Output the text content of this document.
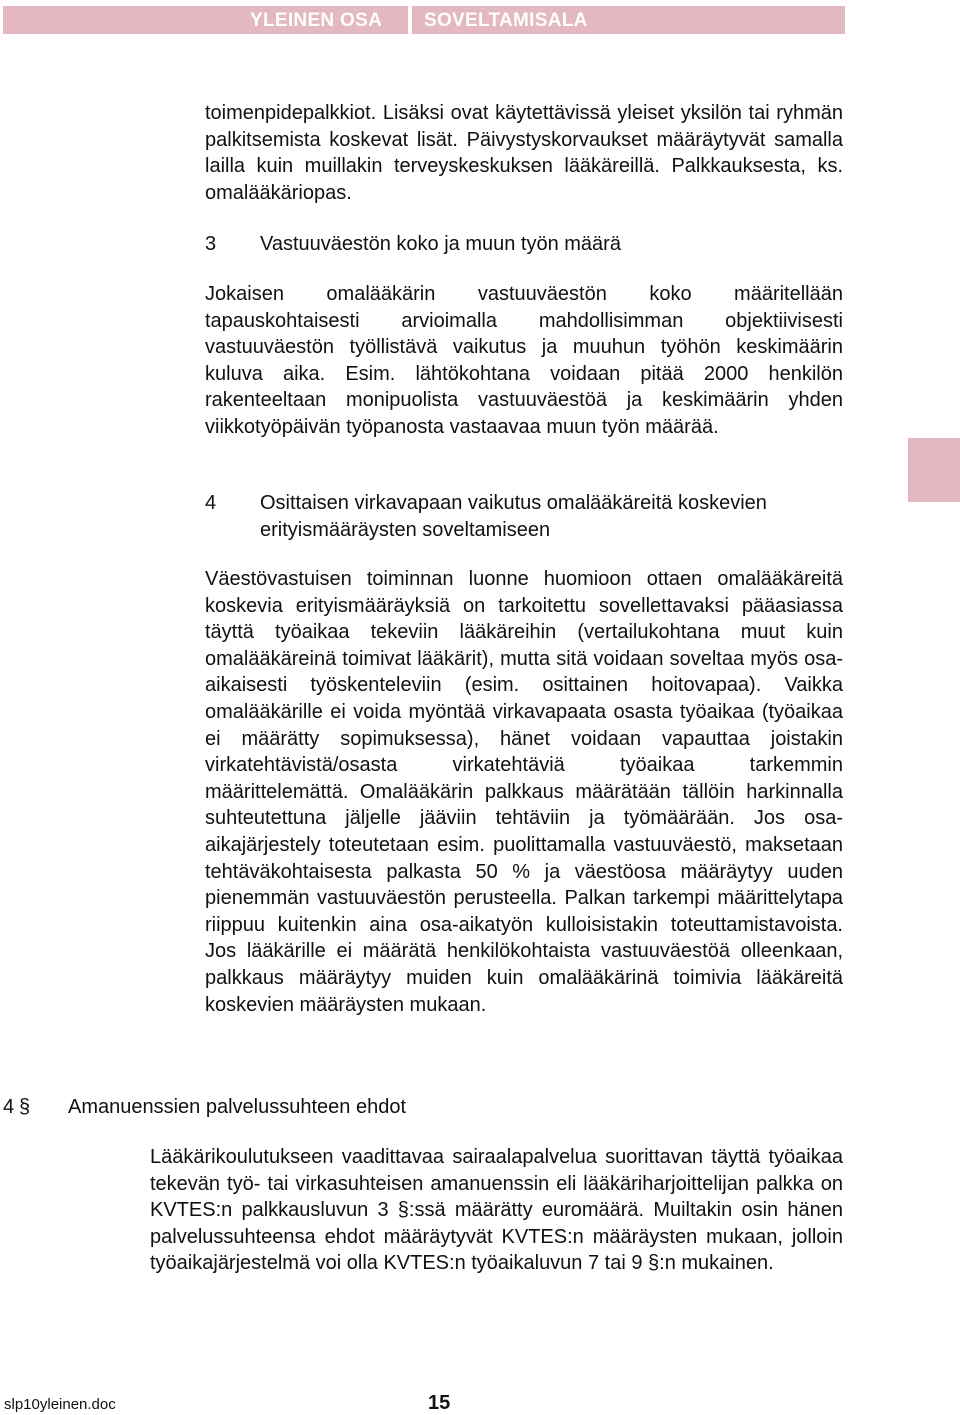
YLEINEN OSA SOVELTAMISALA
toimenpidepalkkiot. Lisäksi ovat käytettävissä yleiset yksilön tai ryhmän palkitsemista koskevat lisät. Päivystyskorvaukset määräytyvät samalla lailla kuin muillakin terveyskeskuksen lääkäreillä. Palkkauksesta, ks. omalääkäriopas.
3 Vastuuväestön koko ja muun työn määrä
Jokaisen omalääkärin vastuuväestön koko määritellään tapauskohtaisesti arvioimalla mahdollisimman objektiivisesti vastuuväestön työllistävä vaikutus ja muuhun työhön keskimäärin kuluva aika. Esim. lähtökohtana voidaan pitää 2000 henkilön rakenteeltaan monipuolista vastuuväestöä ja keskimäärin yhden viikkotyöpäivän työpanosta vastaavaa muun työn määrää.
4 Osittaisen virkavapaan vaikutus omalääkäreitä koskevien erityismääräysten soveltamiseen
Väestövastuisen toiminnan luonne huomioon ottaen omalääkäreitä koskevia erityismääräyksiä on tarkoitettu sovellettavaksi pääasiassa täyttä työaikaa tekeviin lääkäreihin (vertailukohtana muut kuin omalääkäreinä toimivat lääkärit), mutta sitä voidaan soveltaa myös osa-aikaisesti työskenteleviin (esim. osittainen hoitovapaa). Vaikka omalääkärille ei voida myöntää virkavapaata osasta työaikaa (työaikaa ei määrätty sopimuksessa), hänet voidaan vapauttaa joistakin virkatehtävistä/osasta virkatehtäviä työaikaa tarkemmin määrittelemättä. Omalääkärin palkkaus määrätään tällöin harkinnalla suhteutettuna jäljelle jääviin tehtäviin ja työmäärään. Jos osa-aikajärjestely toteutetaan esim. puolittamalla vastuuväestö, maksetaan tehtäväkohtaisesta palkasta 50 % ja väestöosa määräytyy uuden pienemmän vastuuväestön perusteella. Palkan tarkempi määrittelytapa riippuu kuitenkin aina osa-aikatyön kulloisistakin toteuttamistavoista. Jos lääkärille ei määrätä henkilökohtaista vastuuväestöä olleenkaan, palkkaus määräytyy muiden kuin omalääkärinä toimivia lääkäreitä koskevien määräysten mukaan.
4 § Amanuenssien palvelussuhteen ehdot
Lääkärikoulutukseen vaadittavaa sairaalapalvelua suorittavan täyttä työaikaa tekevän työ- tai virkasuhteisen amanuenssin eli lääkäriharjoittelijan palkka on KVTES:n palkkausluvun 3 §:ssä määrätty euromäärä. Muiltakin osin hänen palvelussuhteensa ehdot määräytyvät KVTES:n määräysten mukaan, jolloin työaikajärjestelmä voi olla KVTES:n työaikaluvun 7 tai 9 §:n mukainen.
slp10yleinen.doc	15
